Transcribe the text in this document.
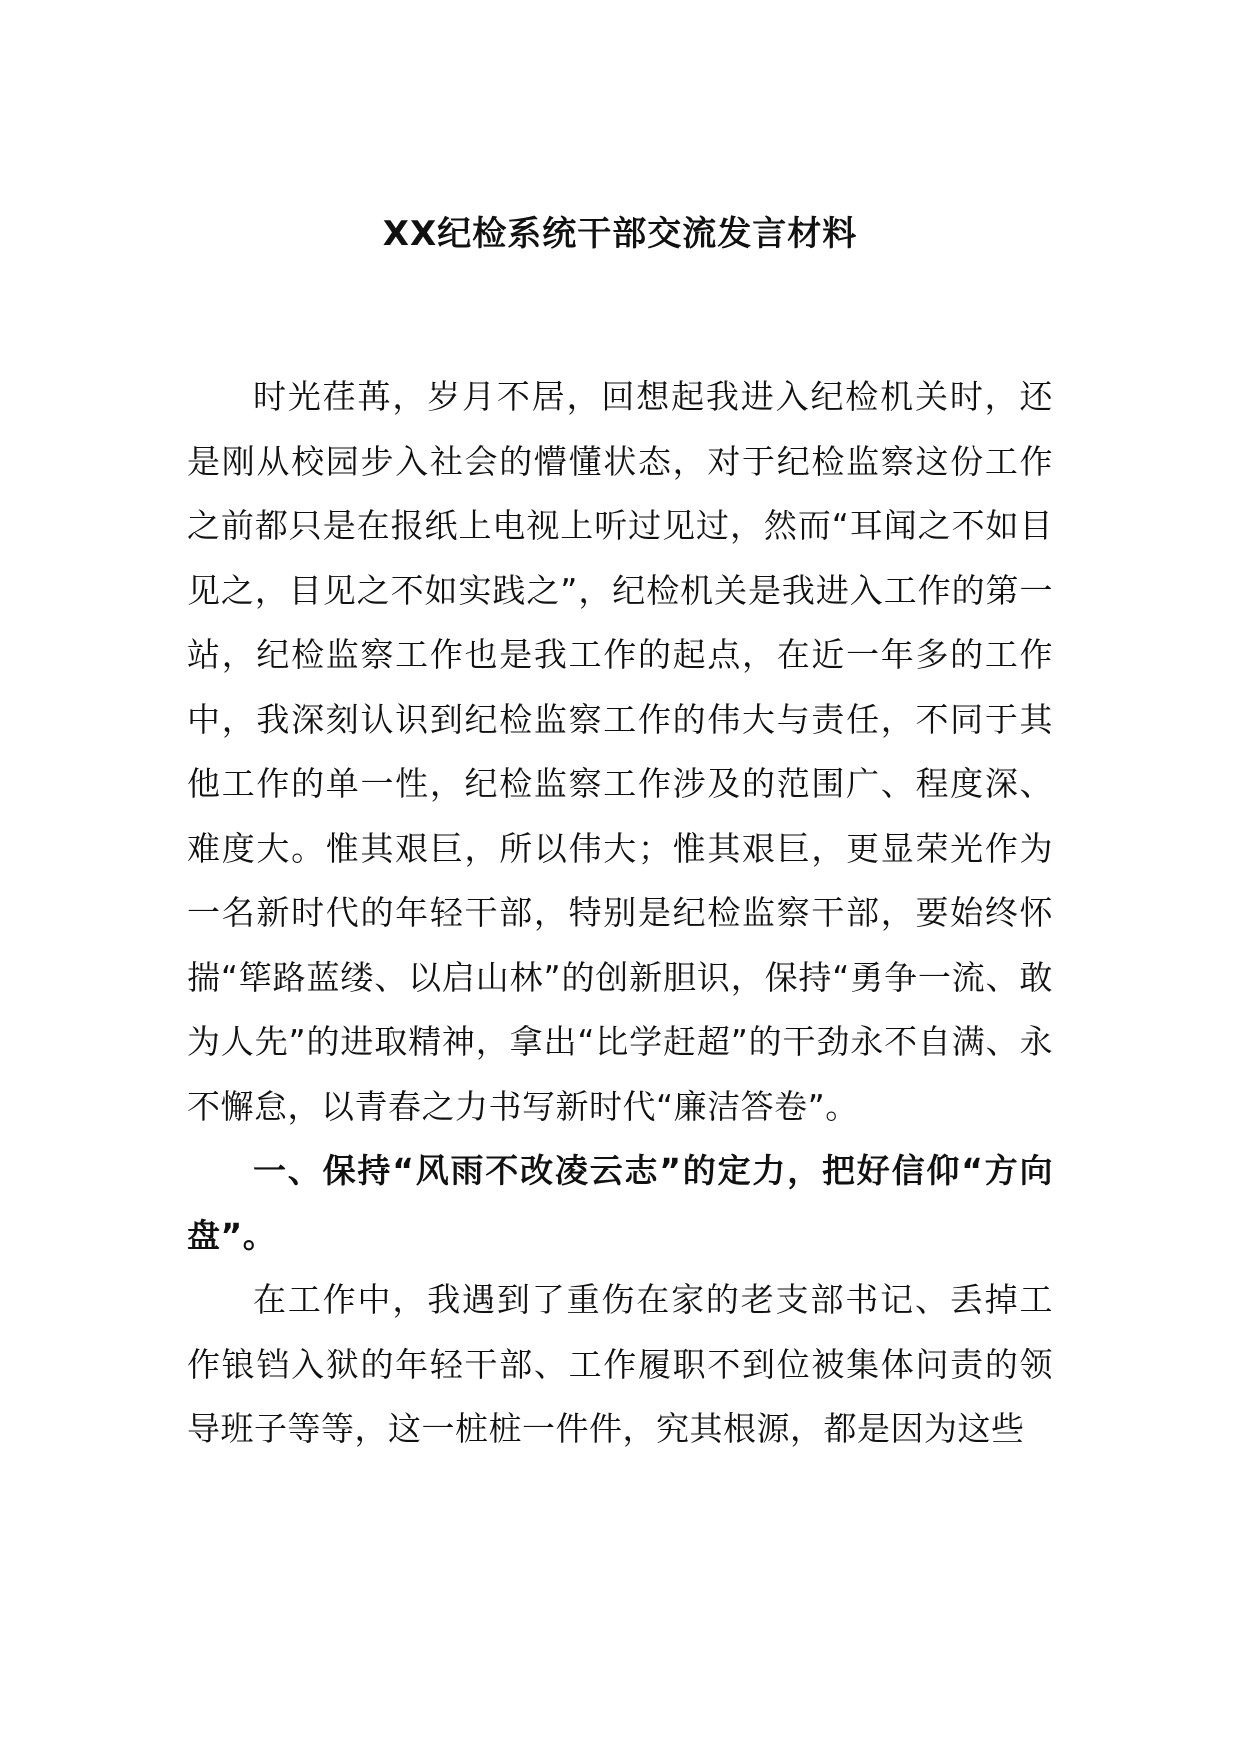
XX纪检系统干部交流发言材料

时光荏苒，岁月不居，回想起我进入纪检机关时，还是刚从校园步入社会的懵懂状态，对于纪检监察这份工作之前都只是在报纸上电视上听过见过，然而“耳闻之不如目见之，目见之不如实践之”，纪检机关是我进入工作的第一站，纪检监察工作也是我工作的起点，在近一年多的工作中，我深刻认识到纪检监察工作的伟大与责任，不同于其他工作的单一性，纪检监察工作涉及的范围广、程度深、难度大。惟其艰巨，所以伟大；惟其艰巨，更显荣光作为一名新时代的年轻干部，特别是纪检监察干部，要始终怀揣“筚路蓝缕、以启山林”的创新胆识，保持“勇争一流、敢为人先”的进取精神，拿出“比学赶超”的干劲永不自满、永不懈怠，以青春之力书写新时代“廉洁答卷”。

一、保持“风雨不改凌云志”的定力，把好信仰“方向盘”。

在工作中，我遇到了重伤在家的老支部书记、丢掉工作锒铛入狱的年轻干部、工作履职不到位被集体问责的领导班子等等，这一桩桩一件件，究其根源，都是因为这些
